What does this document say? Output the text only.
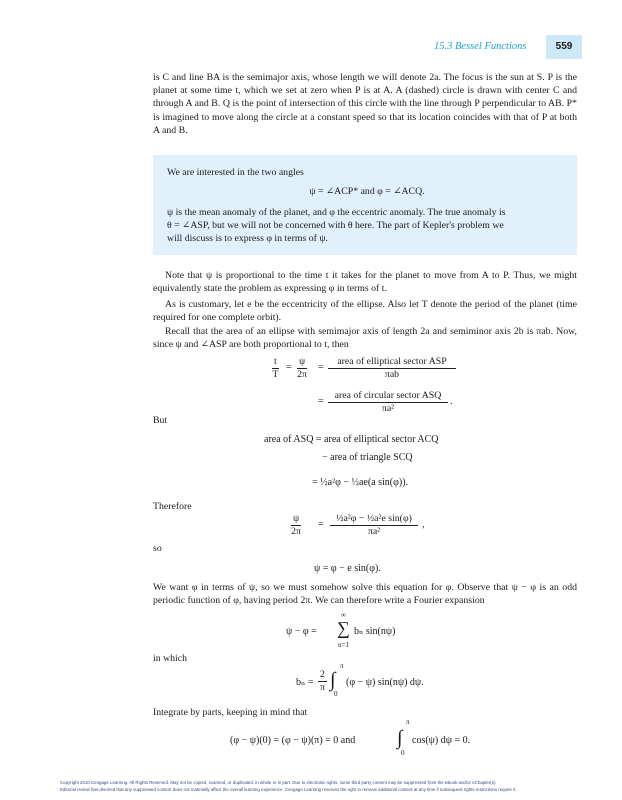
15.3 Bessel Functions	559

is C and line BA is the semimajor axis, whose length we will denote 2a. The focus is the sun at S. P is the planet at some time t, which we set at zero when P is at A. A (dashed) circle is drawn with center C and through A and B. Q is the point of intersection of this circle with the line through P perpendicular to AB. P* is imagined to move along the circle at a constant speed so that its location coincides with that of P at both A and B.

We are interested in the two angles
ψ = ∠ACP* and φ = ∠ACQ.
ψ is the mean anomaly of the planet, and φ the eccentric anomaly. The true anomaly is
θ = ∠ASP, but we will not be concerned with θ here. The part of Kepler's problem we
will discuss is to express φ in terms of ψ.

Note that ψ is proportional to the time t it takes for the planet to move from A to P. Thus, we might equivalently state the problem as expressing φ in terms of t.

As is customary, let e be the eccentricity of the ellipse. Also let T denote the period of the planet (time required for one complete orbit).

Recall that the area of an ellipse with semimajor axis of length 2a and semiminor axis 2b is πab. Now, since ψ and ∠ASP are both proportional to t, then

$\frac{t}{T} = \frac{\psi}{2\pi}$ =
area of elliptical sector ASP
πab
=
area of circular sector ASQ
πa²
.

But

area of ASQ = area of elliptical sector ACQ
− area of triangle SCQ
= ½a²φ − ½ae(a sin(φ)).

Therefore

$\frac{\psi}{2\pi} = \frac{\text{½a²φ − ½a²e sin(φ)}}{\text{πa²}}$ ,

so

ψ = φ − e sin(φ).

We want φ in terms of ψ, so we must somehow solve this equation for φ. Observe that ψ − φ is an odd periodic function of φ, having period 2π. We can therefore write a Fourier expansion

ψ − φ =
∞
∑
n=1
bₙ sin(nψ)

in which

$b_n = \frac{2}{\pi}$
π
∫
0
(φ − ψ) sin(nψ) dψ.

Integrate by parts, keeping in mind that

(φ − ψ)(0) = (φ − ψ)(π) = 0 and
π
∫
0
cos(ψ) dψ = 0.
Copyright 2010 Cengage Learning. All Rights Reserved. May not be copied, scanned, or duplicated, in whole or in part. Due to electronic rights, some third party content may be suppressed from the eBook and/or eChapter(s).
Editorial review has deemed that any suppressed content does not materially affect the overall learning experience. Cengage Learning reserves the right to remove additional content at any time if subsequent rights restrictions require it.
